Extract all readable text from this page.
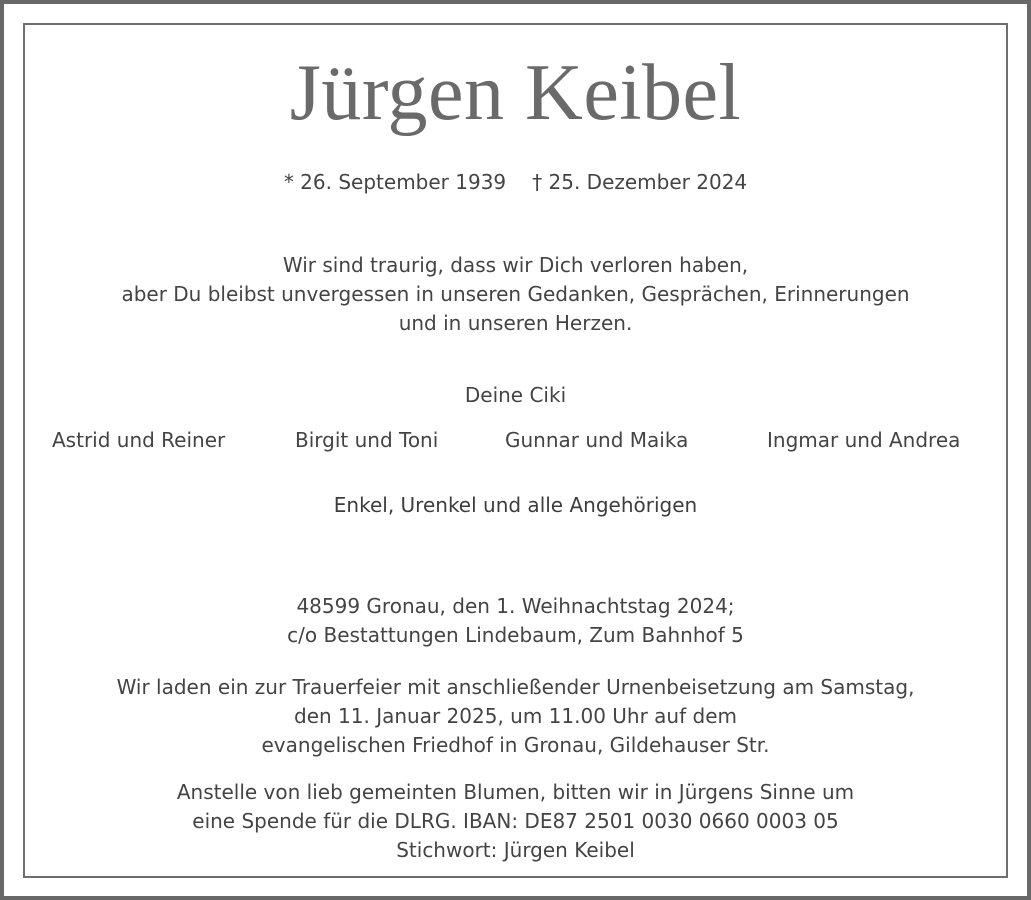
Jürgen Keibel
* 26. September 1939 † 25. Dezember 2024
Wir sind traurig, dass wir Dich verloren haben,
aber Du bleibst unvergessen in unseren Gedanken, Gesprächen, Erinnerungen
und in unseren Herzen.
Deine Ciki
Astrid und Reiner	Birgit und Toni	Gunnar und Maika	Ingmar und Andrea
Enkel, Urenkel und alle Angehörigen
48599 Gronau, den 1. Weihnachtstag 2024;
c/o Bestattungen Lindebaum, Zum Bahnhof 5
Wir laden ein zur Trauerfeier mit anschließender Urnenbeisetzung am Samstag,
den 11. Januar 2025, um 11.00 Uhr auf dem
evangelischen Friedhof in Gronau, Gildehauser Str.
Anstelle von lieb gemeinten Blumen, bitten wir in Jürgens Sinne um
eine Spende für die DLRG. IBAN: DE87 2501 0030 0660 0003 05
Stichwort: Jürgen Keibel
